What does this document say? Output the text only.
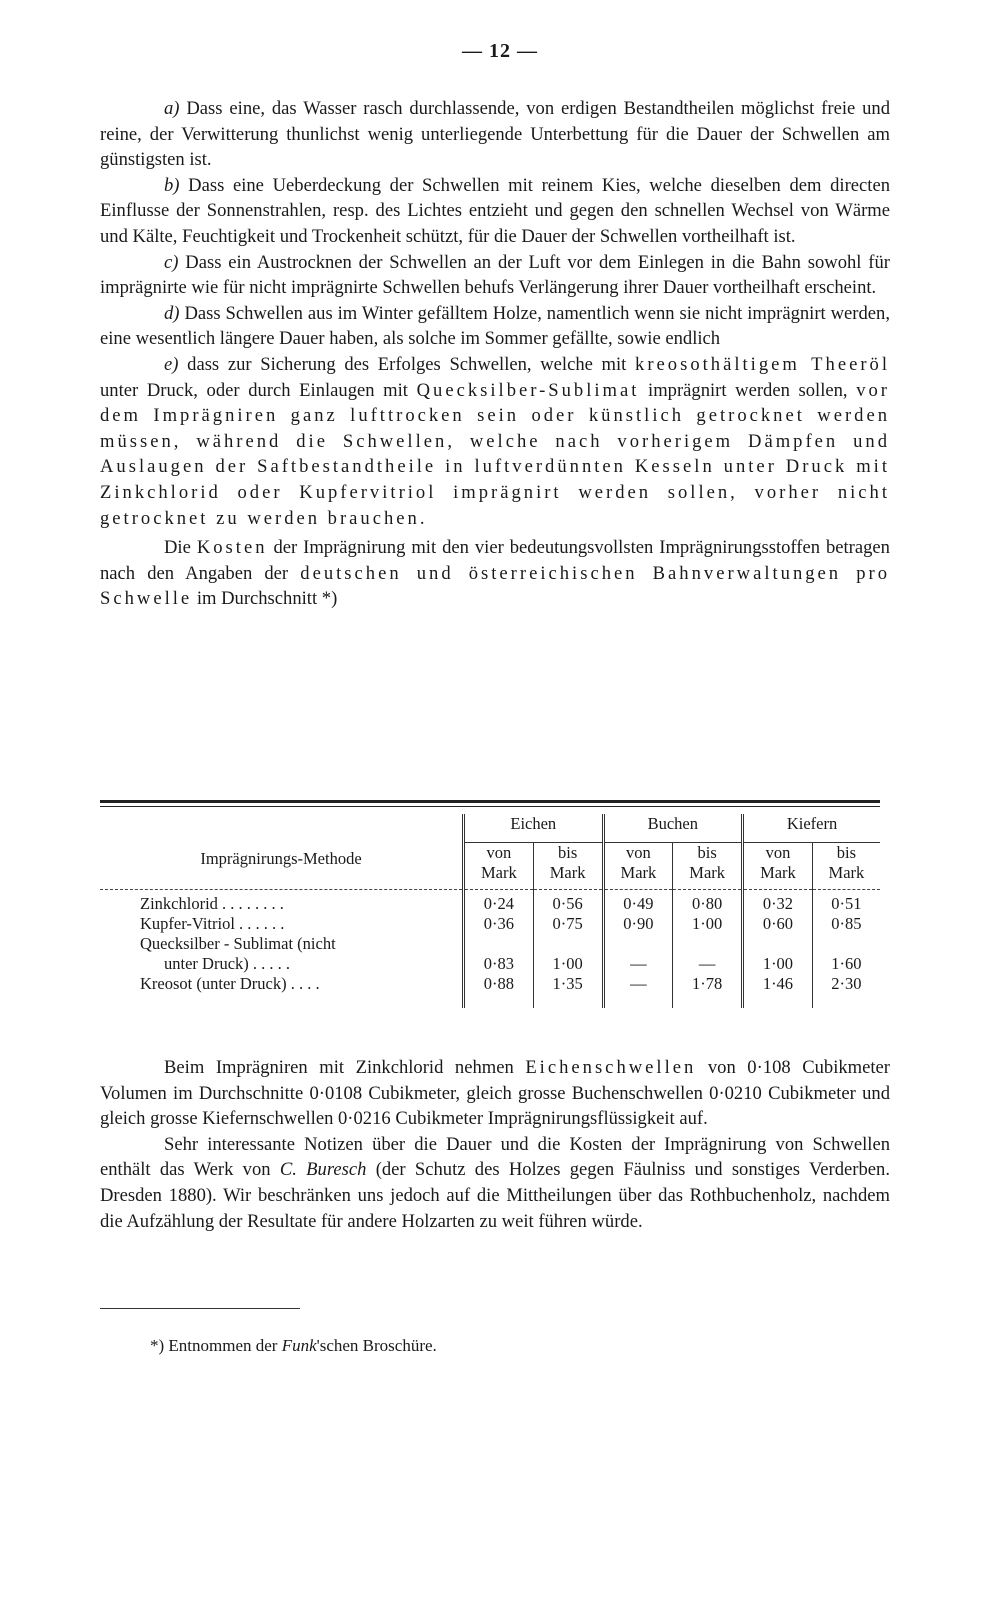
— 12 —

a) Dass eine, das Wasser rasch durchlassende, von erdigen Bestandtheilen möglichst freie und reine, der Verwitterung thunlichst wenig unterliegende Unterbettung für die Dauer der Schwellen am günstigsten ist.

b) Dass eine Ueberdeckung der Schwellen mit reinem Kies, welche dieselben dem directen Einflusse der Sonnenstrahlen, resp. des Lichtes entzieht und gegen den schnellen Wechsel von Wärme und Kälte, Feuchtigkeit und Trockenheit schützt, für die Dauer der Schwellen vortheilhaft ist.

c) Dass ein Austrocknen der Schwellen an der Luft vor dem Einlegen in die Bahn sowohl für imprägnirte wie für nicht imprägnirte Schwellen behufs Verlängerung ihrer Dauer vortheilhaft erscheint.

d) Dass Schwellen aus im Winter gefälltem Holze, namentlich wenn sie nicht imprägnirt werden, eine wesentlich längere Dauer haben, als solche im Sommer gefällte, sowie endlich

e) dass zur Sicherung des Erfolges Schwellen, welche mit kreosothältigem Theeröl unter Druck, oder durch Einlaugen mit Quecksilber-Sublimat imprägnirt werden sollen, vor dem Imprägniren ganz lufttrocken sein oder künstlich getrocknet werden müssen, während die Schwellen, welche nach vorherigem Dämpfen und Auslaugen der Saftbestandtheile in luftverdünnten Kesseln unter Druck mit Zinkchlorid oder Kupfervitriol imprägnirt werden sollen, vorher nicht getrocknet zu werden brauchen.

Die Kosten der Imprägnirung mit den vier bedeutungsvollsten Imprägnirungsstoffen betragen nach den Angaben der deutschen und österreichischen Bahnverwaltungen pro Schwelle im Durchschnitt *)

Imprägnirungs-Methode	Eichen		Buchen		Kiefern	
	von	bis	von	bis	von	bis
	Mark	Mark	Mark	Mark	Mark	Mark
Zinkchlorid . . . . . . . .	0·24	0·56	0·49	0·80	0·32	0·51
Kupfer-Vitriol . . . . . .	0·36	0·75	0·90	1·00	0·60	0·85

Quecksilber - Sublimat (nicht
unter Druck) . . . . .	0·83	1·00	—	—	1·00	1·60
Kreosot (unter Druck) . . . .	0·88	1·35	—	1·78	1·46	2·30

Beim Imprägniren mit Zinkchlorid nehmen Eichenschwellen von 0·108 Cubikmeter Volumen im Durchschnitte 0·0108 Cubikmeter, gleich grosse Buchenschwellen 0·0210 Cubikmeter und gleich grosse Kiefernschwellen 0·0216 Cubikmeter Imprägnirungsflüssigkeit auf.

Sehr interessante Notizen über die Dauer und die Kosten der Imprägnirung von Schwellen enthält das Werk von C. Buresch (der Schutz des Holzes gegen Fäulniss und sonstiges Verderben. Dresden 1880). Wir beschränken uns jedoch auf die Mittheilungen über das Rothbuchenholz, nachdem die Aufzählung der Resultate für andere Holzarten zu weit führen würde.

*) Entnommen der Funk'schen Broschüre.
